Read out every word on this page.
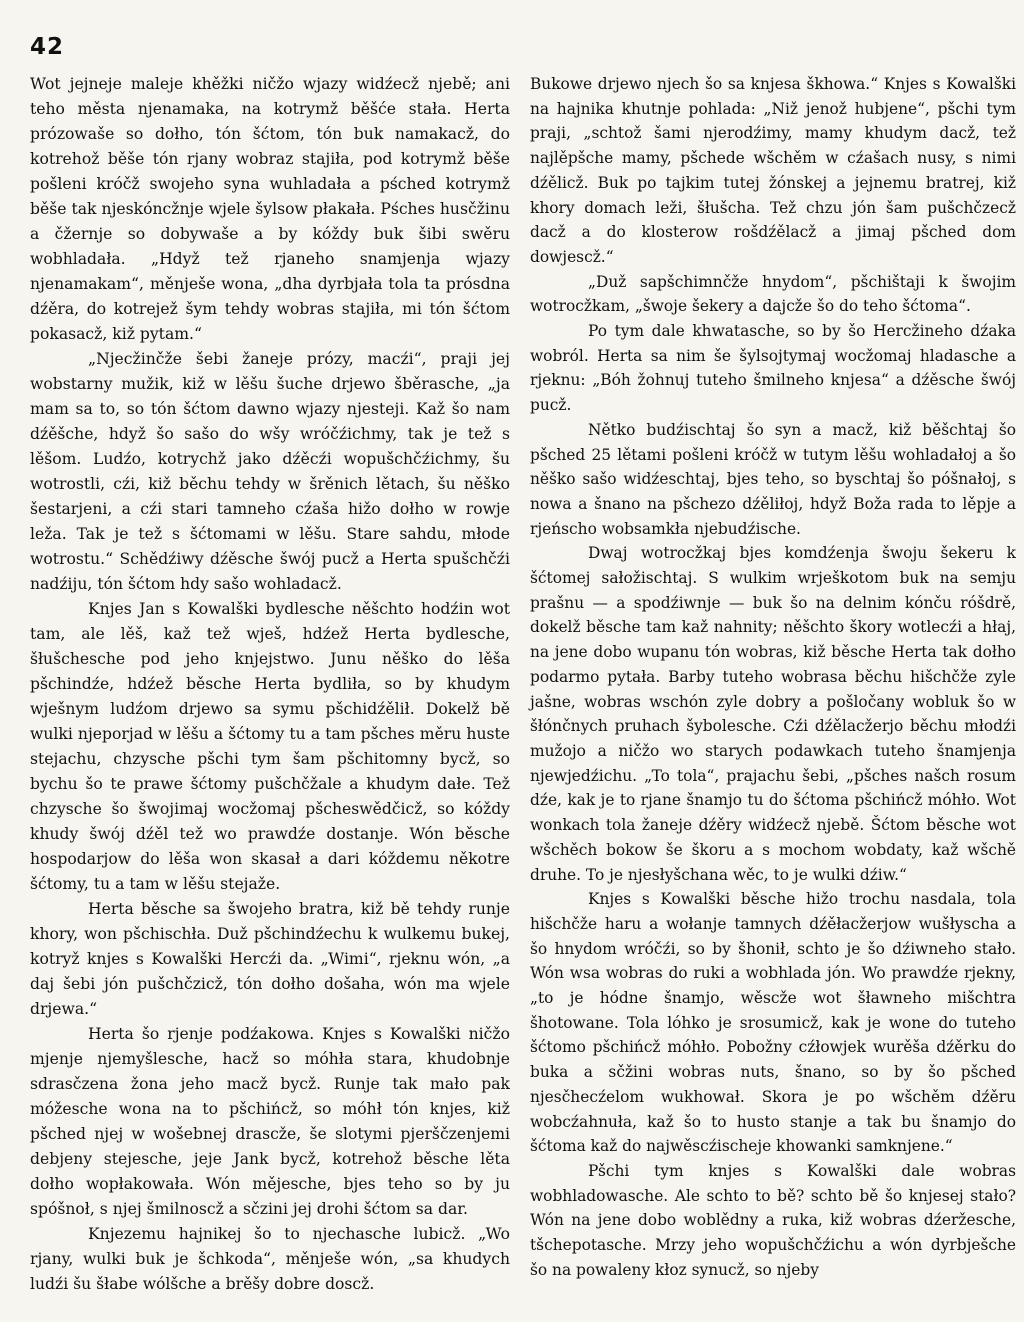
42

Wot jejneje maleje khěžki ničžo wjazy widźecž njebě; ani teho města njenamaka, na kotrymž běšće stała. Herta prózowaše so dołho, tón šćtom, tón buk namakacž, do kotrehož běše tón rjany wobraz stajiła, pod kotrymž běše pošleni króčž swojeho syna wuhladała a pśched kotrymž běše tak njeskóncžnje wjele šylsow płakała. Pśches husčžinu a čžernje so dobywaše a by kóždy buk šibi swěru wobhladała. „Hdyž tež rjaneho snamjenja wjazy njenamakam“, měnješe wona, „dha dyrbjała tola ta prósdna dźěra, do kotrejež šym tehdy wobras stajiła, mi tón šćtom pokasacž, kiž pytam.“

„Njecžinčže šebi žaneje prózy, macźi“, praji jej wobstarny mužik, kiž w lěšu šuche drjewo šběrasche, „ja mam sa to, so tón šćtom dawno wjazy njesteji. Kaž šo nam dźěšche, hdyž šo sašo do wšy wróčźichmy, tak je tež s lěšom. Ludźo, kotrychž jako dźěcźi wopušchčźichmy, šu wotrostli, cźi, kiž běchu tehdy w šrěnich lětach, šu něško šestarjeni, a cźi stari tamneho cźaša hižo dołho w rowje leža. Tak je tež s šćtomami w lěšu. Stare sahdu, młode wotrostu.“ Schědźiwy dźěsche šwój pucž a Herta spušchčźi nadźiju, tón šćtom hdy sašo wohladacž.

Knjes Jan s Kowalški bydlesche něšchto hodźin wot tam, ale lěš, kaž tež wješ, hdźež Herta bydlesche, šłušchesche pod jeho knjejstwo. Junu něško do lěša pšchindźe, hdźež běsche Herta bydliła, so by khudym wješnym ludźom drjewo sa symu pšchidźělił. Dokelž bě wulki njeporjad w lěšu a šćtomy tu a tam pšches měru huste stejachu, chzysche pšchi tym šam pšchitomny bycž, so bychu šo te prawe šćtomy pušchčžale a khudym dałe. Tež chzysche šo šwojimaj wocžomaj pšcheswědčicž, so kóždy khudy šwój dźěl tež wo prawdźe dostanje. Wón běsche hospodarjow do lěša won skasał a dari kóždemu někotre šćtomy, tu a tam w lěšu stejaže.

Herta běsche sa šwojeho bratra, kiž bě tehdy runje khory, won pšchischła. Duž pšchindźechu k wulkemu bukej, kotryž knjes s Kowalški Hercźi da. „Wimi“, rjeknu wón, „a daj šebi jón pušchčzicž, tón dołho došaha, wón ma wjele drjewa.“

Herta šo rjenje podźakowa. Knjes s Kowalški ničžo mjenje njemyšlesche, hacž so móhła stara, khudobnje sdrasčzena žona jeho macž bycž. Runje tak mało pak móžesche wona na to pšchińcž, so móhł tón knjes, kiž pšched njej w wošebnej drascže, še slotymi pjerščzenjemi debjeny stejesche, jeje Jank bycž, kotrehož běsche lěta dołho wopłakowała. Wón mějesche, bjes teho so by ju spóšnoł, s njej šmilnoscž a sčzini jej drohi šćtom sa dar.

Knjezemu hajnikej šo to njechasche lubicž. „Wo rjany, wulki buk je šchkoda“, měnješe wón, „sa khudych ludźi šu šłabe wólšche a brěšy dobre doscž.

Bukowe drjewo njech šo sa knjesa škhowa.“ Knjes s Kowalški na hajnika khutnje pohlada: „Niž jenož hubjene“, pšchi tym praji, „schtož šami njerodźimy, mamy khudym dacž, tež najlěpšche mamy, pšchede wšchěm w cźašach nusy, s nimi dźělicž. Buk po tajkim tutej žónskej a jejnemu bratrej, kiž khory domach leži, šłušcha. Tež chzu jón šam pušchčzecž dacž a do klosterow rošdźělacž a jimaj pšched dom dowjescž.“

„Duž sapšchimnčže hnydom“, pšchištaji k šwojim wotrocžkam, „šwoje šekery a dajcže šo do teho šćtoma“.

Po tym dale khwatasche, so by šo Hercžineho dźaka wobról. Herta sa nim še šylsojtymaj wocžomaj hladasche a rjeknu: „Bóh žohnuj tuteho šmilneho knjesa“ a dźěsche šwój pucž.

Nětko budźischtaj šo syn a macž, kiž běšchtaj šo pšched 25 lětami pošleni króčž w tutym lěšu wohladałoj a šo něško sašo widźeschtaj, bjes teho, so byschtaj šo póšnałoj, s nowa a šnano na pšchezo dźěliłoj, hdyž Boža rada to lěpje a rjeńscho wobsamkła njebudźische.

Dwaj wotrocžkaj bjes komdźenja šwoju šekeru k šćtomej sałožischtaj. S wulkim wrješkotom buk na semju prašnu — a spodźiwnje — buk šo na delnim kónču róšdrě, dokelž běsche tam kaž nahnity; něšchto škory wotlecźi a hłaj, na jene dobo wupanu tón wobras, kiž běsche Herta tak dołho podarmo pytała. Barby tuteho wobrasa běchu hišchčže zyle jašne, wobras wschón zyle dobry a pošločany wobluk šo w šłónčnych pruhach šybolesche. Cźi dźělacžerjo běchu młodźi mužojo a ničžo wo starych podawkach tuteho šnamjenja njewjedźichu. „To tola“, prajachu šebi, „pšches našch rosum dźe, kak je to rjane šnamjo tu do šćtoma pšchińcž móhło. Wot wonkach tola žaneje dźěry widźecž njebě. Šćtom běsche wot wšchěch bokow še škoru a s mochom wobdaty, kaž wšchě druhe. To je njesłyšchana wěc, to je wulki dźiw.“

Knjes s Kowalški běsche hižo trochu nasdala, tola hišchčže haru a wołanje tamnych dźěłacžerjow wušłyscha a šo hnydom wróčźi, so by šhonił, schto je šo dźiwneho stało. Wón wsa wobras do ruki a wobhlada jón. Wo prawdźe rjekny, „to je hódne šnamjo, wěscže wot šławneho mišchtra šhotowane. Tola lóhko je srosumicž, kak je wone do tuteho šćtomo pšchińcž móhło. Pobožny cźłowjek wurěša dźěrku do buka a sčžini wobras nuts, šnano, so by šo pšched njesčhecźelom wukhował. Skora je po wšchěm dźěru wobcźahnuła, kaž šo to husto stanje a tak bu šnamjo do šćtoma kaž do najwěscźischeje khowanki samknjene.“

Pšchi tym knjes s Kowalški dale wobras wobhladowasche. Ale schto to bě? schto bě šo knjesej stało? Wón na jene dobo woblědny a ruka, kiž wobras dźeržesche, tšchepotasche. Mrzy jeho wopušchčźichu a wón dyrbješche šo na powaleny kłoz synucž, so njeby
